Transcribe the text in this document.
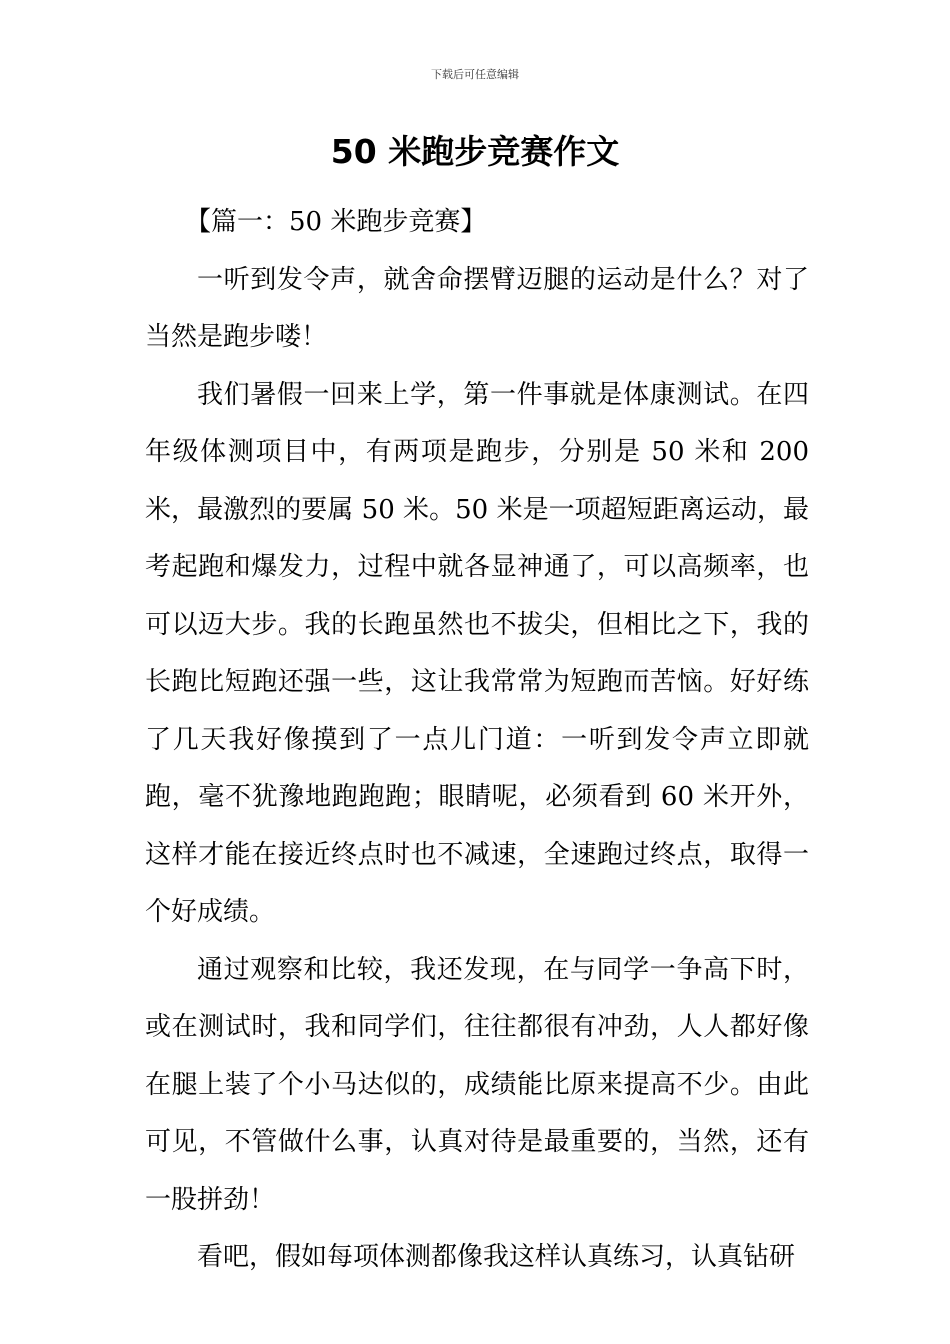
下载后可任意编辑
50 米跑步竞赛作文

【篇一：50 米跑步竞赛】

一听到发令声，就舍命摆臂迈腿的运动是什么？对了当然是跑步喽！

我们暑假一回来上学，第一件事就是体康测试。在四年级体测项目中，有两项是跑步，分别是 50 米和 200 米，最激烈的要属 50 米。50 米是一项超短距离运动，最考起跑和爆发力，过程中就各显神通了，可以高频率，也可以迈大步。我的长跑虽然也不拔尖，但相比之下，我的长跑比短跑还强一些，这让我常常为短跑而苦恼。好好练了几天我好像摸到了一点儿门道：一听到发令声立即就跑，毫不犹豫地跑跑跑；眼睛呢，必须看到 60 米开外，这样才能在接近终点时也不减速，全速跑过终点，取得一个好成绩。

通过观察和比较，我还发现，在与同学一争高下时，或在测试时，我和同学们，往往都很有冲劲，人人都好像在腿上装了个小马达似的，成绩能比原来提高不少。由此可见，不管做什么事，认真对待是最重要的，当然，还有一股拼劲！

看吧，假如每项体测都像我这样认真练习，认真钻研
